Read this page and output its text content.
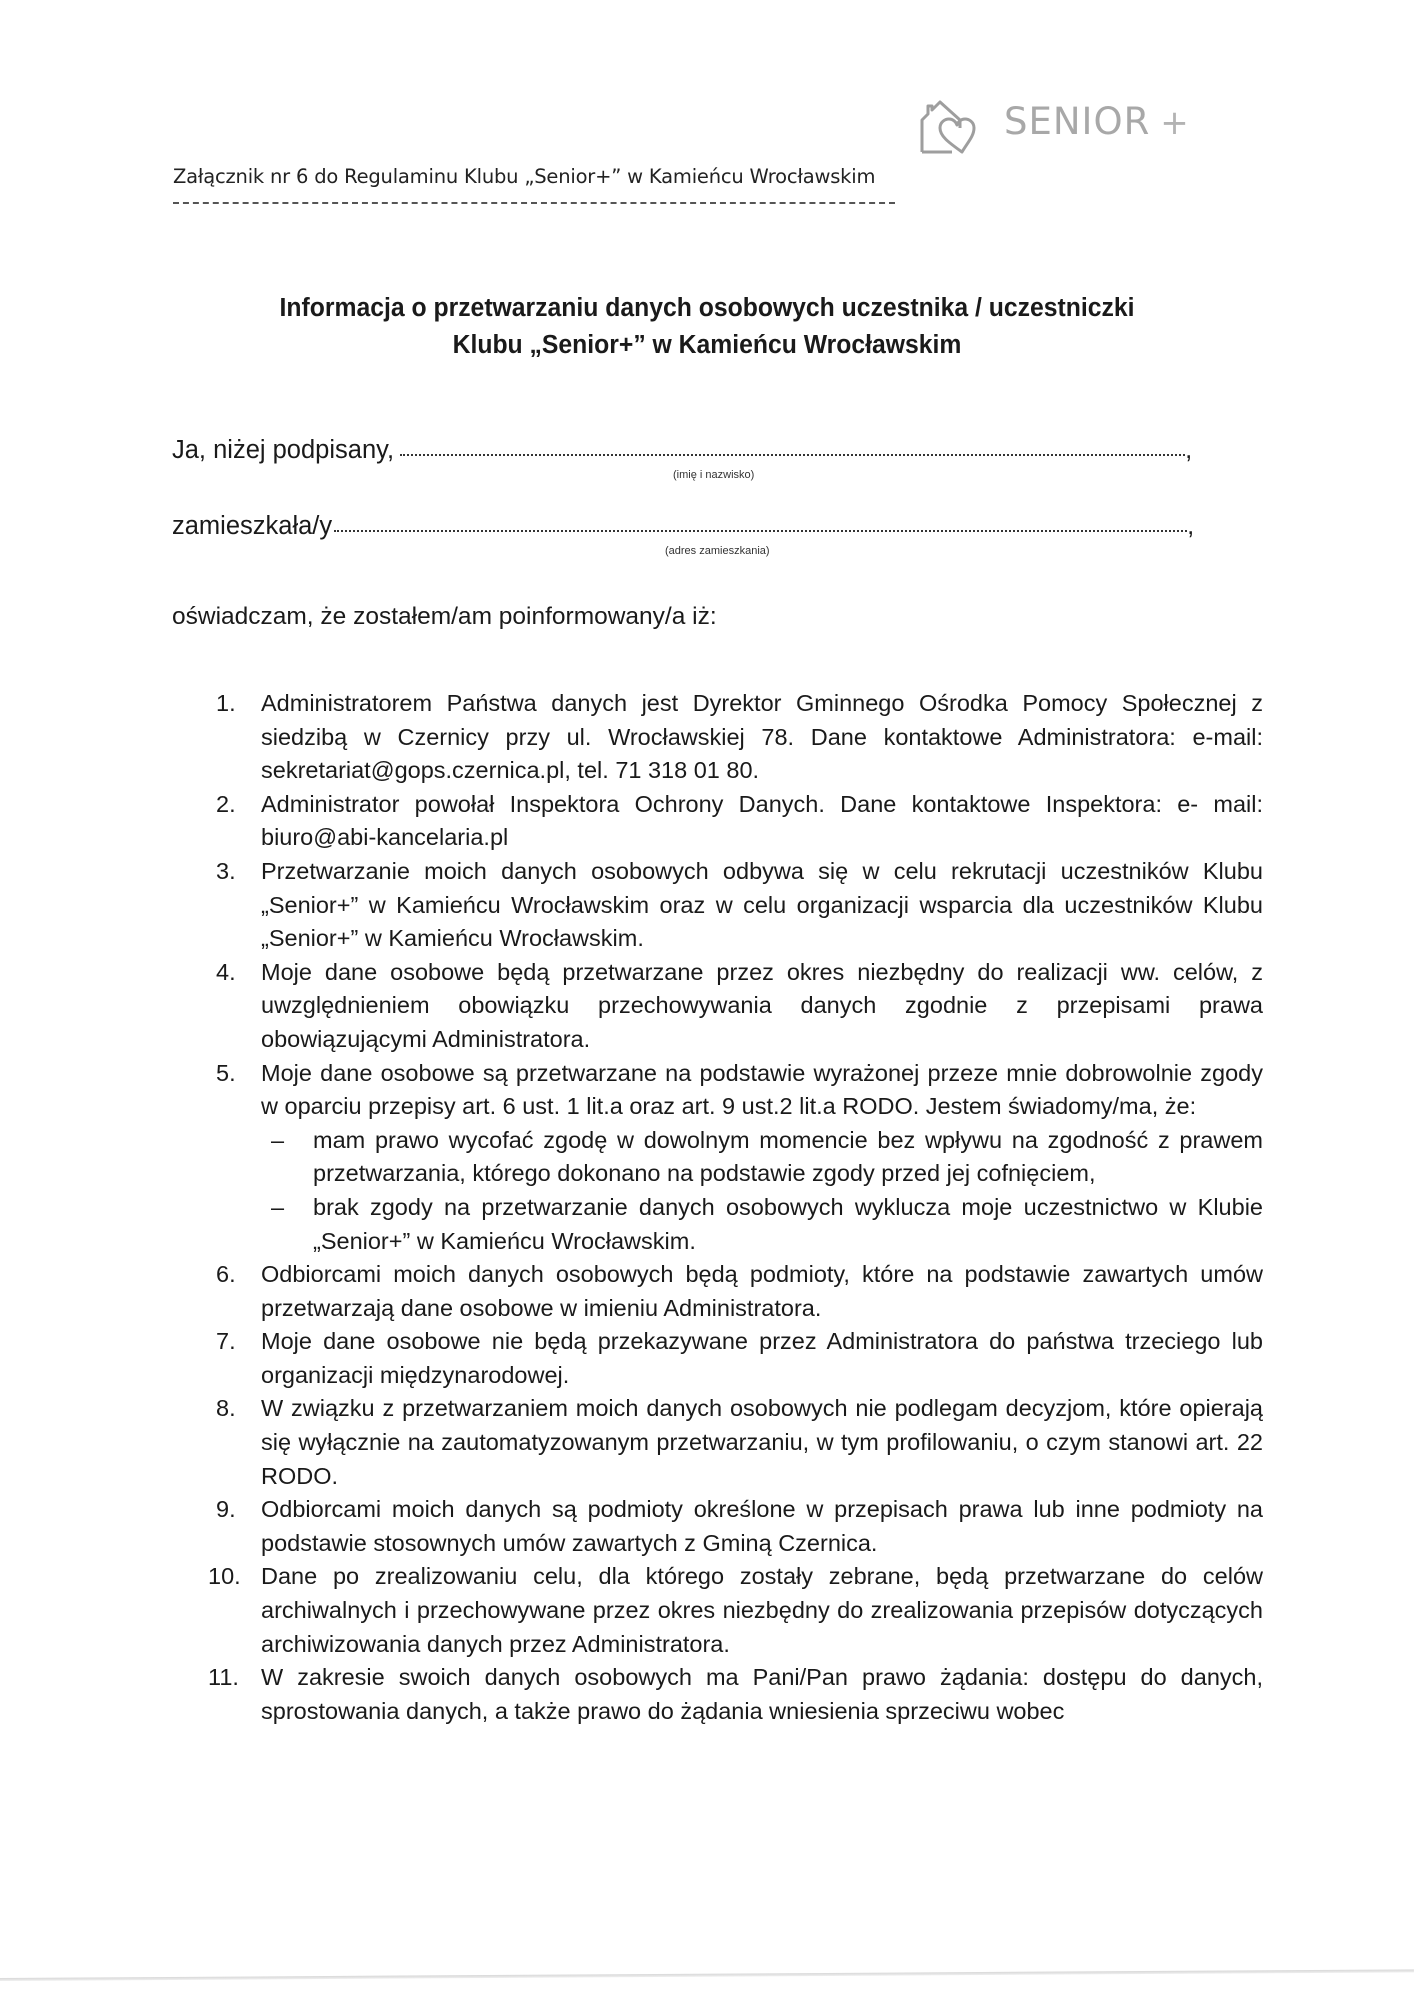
Załącznik nr 6 do Regulaminu Klubu „Senior+” w Kamieńcu Wrocławskim
SENIOR +
Informacja o przetwarzaniu danych osobowych uczestnika / uczestniczki
Klubu „Senior+” w Kamieńcu Wrocławskim
Ja, niżej podpisany,	,
(imię i nazwisko)
zamieszkała/y	,
(adres zamieszkania)
oświadczam, że zostałem/am poinformowany/a iż:
1. Administratorem Państwa danych jest Dyrektor Gminnego Ośrodka Pomocy Społecznej z siedzibą w Czernicy przy ul. Wrocławskiej 78. Dane kontaktowe Administratora: e-mail: sekretariat@gops.czernica.pl, tel. 71 318 01 80.
2. Administrator powołał Inspektora Ochrony Danych. Dane kontaktowe Inspektora: e- mail: biuro@abi-kancelaria.pl
3. Przetwarzanie moich danych osobowych odbywa się w celu rekrutacji uczestników Klubu „Senior+” w Kamieńcu Wrocławskim oraz w celu organizacji wsparcia dla uczestników Klubu „Senior+” w Kamieńcu Wrocławskim.
4. Moje dane osobowe będą przetwarzane przez okres niezbędny do realizacji ww. celów, z uwzględnieniem obowiązku przechowywania danych zgodnie z przepisami prawa obowiązującymi Administratora.
5. Moje dane osobowe są przetwarzane na podstawie wyrażonej przeze mnie dobrowolnie zgody w oparciu przepisy art. 6 ust. 1 lit.a oraz art. 9 ust.2 lit.a RODO. Jestem świadomy/ma, że:
– mam prawo wycofać zgodę w dowolnym momencie bez wpływu na zgodność z prawem przetwarzania, którego dokonano na podstawie zgody przed jej cofnięciem,
– brak zgody na przetwarzanie danych osobowych wyklucza moje uczestnictwo w Klubie „Senior+” w Kamieńcu Wrocławskim.
6. Odbiorcami moich danych osobowych będą podmioty, które na podstawie zawartych umów przetwarzają dane osobowe w imieniu Administratora.
7. Moje dane osobowe nie będą przekazywane przez Administratora do państwa trzeciego lub organizacji międzynarodowej.
8. W związku z przetwarzaniem moich danych osobowych nie podlegam decyzjom, które opierają się wyłącznie na zautomatyzowanym przetwarzaniu, w tym profilowaniu, o czym stanowi art. 22 RODO.
9. Odbiorcami moich danych są podmioty określone w przepisach prawa lub inne podmioty na podstawie stosownych umów zawartych z Gminą Czernica.
10. Dane po zrealizowaniu celu, dla którego zostały zebrane, będą przetwarzane do celów archiwalnych i przechowywane przez okres niezbędny do zrealizowania przepisów dotyczących archiwizowania danych przez Administratora.
11. W zakresie swoich danych osobowych ma Pani/Pan prawo żądania: dostępu do danych, sprostowania danych, a także prawo do żądania wniesienia sprzeciwu wobec
